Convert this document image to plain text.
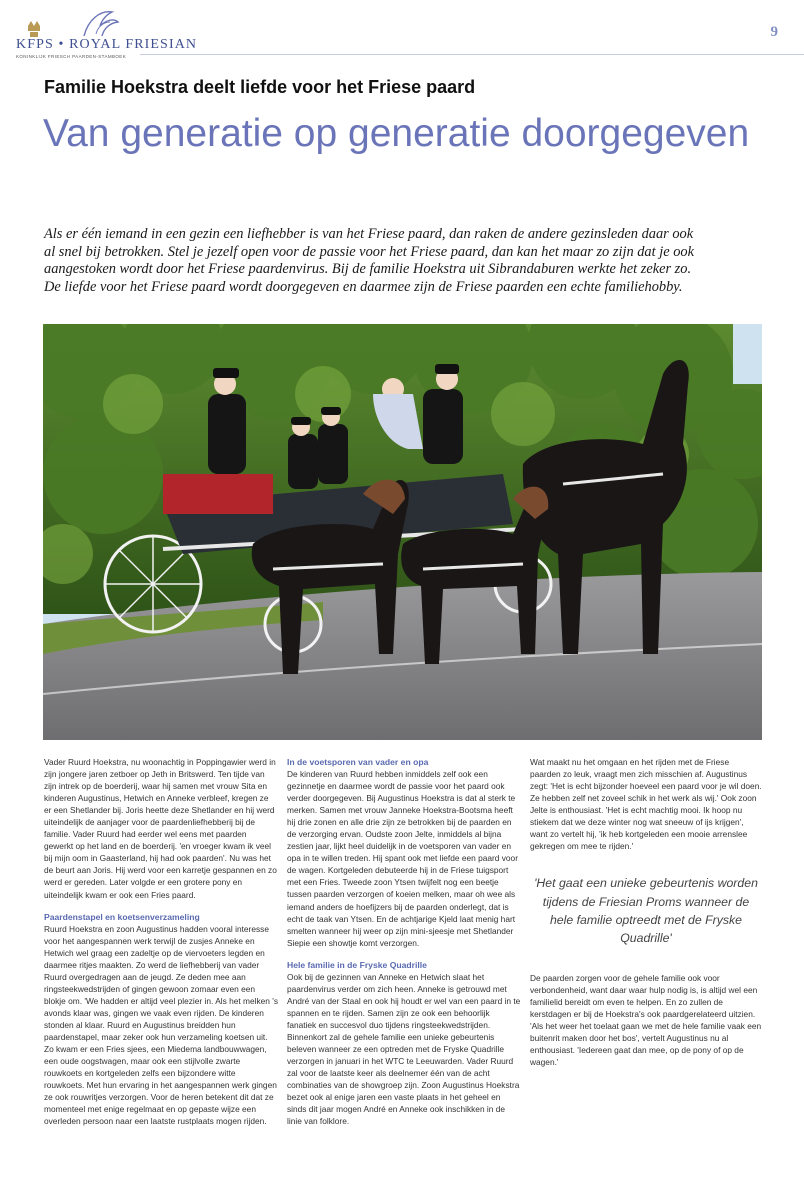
KFPS • ROYAL FRIESIAN
KONINKLIJK FRIESCH PAARDEN-STAMBOEK
9
Familie Hoekstra deelt liefde voor het Friese paard
Van generatie op generatie doorgegeven

Als er één iemand in een gezin een liefhebber is van het Friese paard, dan raken de andere gezinsleden daar ook al snel bij betrokken. Stel je jezelf open voor de passie voor het Friese paard, dan kan het maar zo zijn dat je ook aangestoken wordt door het Friese paardenvirus. Bij de familie Hoekstra uit Sibrandaburen werkte het zeker zo. De liefde voor het Friese paard wordt doorgegeven en daarmee zijn de Friese paarden een echte familiehobby.

Vader Ruurd Hoekstra, nu woonachtig in Poppingawier werd in zijn jongere jaren zetboer op Jeth in Britswerd. Ten tijde van zijn intrek op de boerderij, waar hij samen met vrouw Sita en kinderen Augustinus, Hetwich en Anneke verbleef, kregen ze er een Shetlander bij. Joris heette deze Shetlander en hij werd uiteindelijk de aanjager voor de paardenliefhebberij bij de familie. Vader Ruurd had eerder wel eens met paarden gewerkt op het land en de boerderij. 'en vroeger kwam ik veel bij mijn oom in Gaasterland, hij had ook paarden'. Nu was het de beurt aan Joris. Hij werd voor een karretje gespannen en zo werd er gereden. Later volgde er een grotere pony en uiteindelijk kwam er ook een Fries paard.

Paardenstapel en koetsenverzameling

Ruurd Hoekstra en zoon Augustinus hadden vooral interesse voor het aangespannen werk terwijl de zusjes Anneke en Hetwich wel graag een zadeltje op de viervoeters legden en daarmee ritjes maakten. Zo werd de liefhebberij van vader Ruurd overgedragen aan de jeugd. Ze deden mee aan ringsteekwedstrijden of gingen gewoon zomaar even een blokje om. 'We hadden er altijd veel plezier in. Als het melken 's avonds klaar was, gingen we vaak even rijden. De kinderen stonden al klaar. Ruurd en Augustinus breidden hun paardenstapel, maar zeker ook hun verzameling koetsen uit. Zo kwam er een Fries sjees, een Miedema landbouwwagen, een oude oogstwagen, maar ook een stijlvolle zwarte rouwkoets en kortgeleden zelfs een bijzondere witte rouwkoets. Met hun ervaring in het aangespannen werk gingen ze ook rouwritjes verzorgen. Voor de heren betekent dit dat ze momenteel met enige regelmaat en op gepaste wijze een overleden persoon naar een laatste rustplaats mogen rijden.

In de voetsporen van vader en opa

De kinderen van Ruurd hebben inmiddels zelf ook een gezinnetje en daarmee wordt de passie voor het paard ook verder doorgegeven. Bij Augustinus Hoekstra is dat al sterk te merken. Samen met vrouw Janneke Hoekstra-Bootsma heeft hij drie zonen en alle drie zijn ze betrokken bij de paarden en de verzorging ervan. Oudste zoon Jelte, inmiddels al bijna zestien jaar, lijkt heel duidelijk in de voetsporen van vader en opa in te willen treden. Hij spant ook met liefde een paard voor de wagen. Kortgeleden debuteerde hij in de Friese tuigsport met een Fries. Tweede zoon Ytsen twijfelt nog een beetje tussen paarden verzorgen of koeien melken, maar oh wee als iemand anders de hoefijzers bij de paarden onderlegt, dat is echt de taak van Ytsen. En de achtjarige Kjeld laat menig hart smelten wanneer hij weer op zijn mini-sjeesje met Shetlander Siepie een showtje komt verzorgen.

Hele familie in de Fryske Quadrille

Ook bij de gezinnen van Anneke en Hetwich slaat het paardenvirus verder om zich heen. Anneke is getrouwd met André van der Staal en ook hij houdt er wel van een paard in te spannen en te rijden. Samen zijn ze ook een behoorlijk fanatiek en succesvol duo tijdens ringsteekwedstrijden. Binnenkort zal de gehele familie een unieke gebeurtenis beleven wanneer ze een optreden met de Fryske Quadrille verzorgen in januari in het WTC te Leeuwarden. Vader Ruurd zal voor de laatste keer als deelnemer één van de acht combinaties van de showgroep zijn. Zoon Augustinus Hoekstra bezet ook al enige jaren een vaste plaats in het geheel en sinds dit jaar mogen André en Anneke ook inschikken in de linie van folklore.

Wat maakt nu het omgaan en het rijden met de Friese paarden zo leuk, vraagt men zich misschien af. Augustinus zegt: 'Het is echt bijzonder hoeveel een paard voor je wil doen. Ze hebben zelf net zoveel schik in het werk als wij.' Ook zoon Jelte is enthousiast. 'Het is echt machtig mooi. Ik hoop nu stiekem dat we deze winter nog wat sneeuw of ijs krijgen', want zo vertelt hij, 'ik heb kortgeleden een mooie arrenslee gekregen om mee te rijden.'

'Het gaat een unieke gebeurtenis worden tijdens de Friesian Proms wanneer de hele familie optreedt met de Fryske Quadrille'

De paarden zorgen voor de gehele familie ook voor verbondenheid, want daar waar hulp nodig is, is altijd wel een familielid bereidt om even te helpen. En zo zullen de kerstdagen er bij de Hoekstra's ook paardgerelateerd uitzien. 'Als het weer het toelaat gaan we met de hele familie vaak een buitenrit maken door het bos', vertelt Augustinus nu al enthousiast. 'Iedereen gaat dan mee, op de pony of op de wagen.'
